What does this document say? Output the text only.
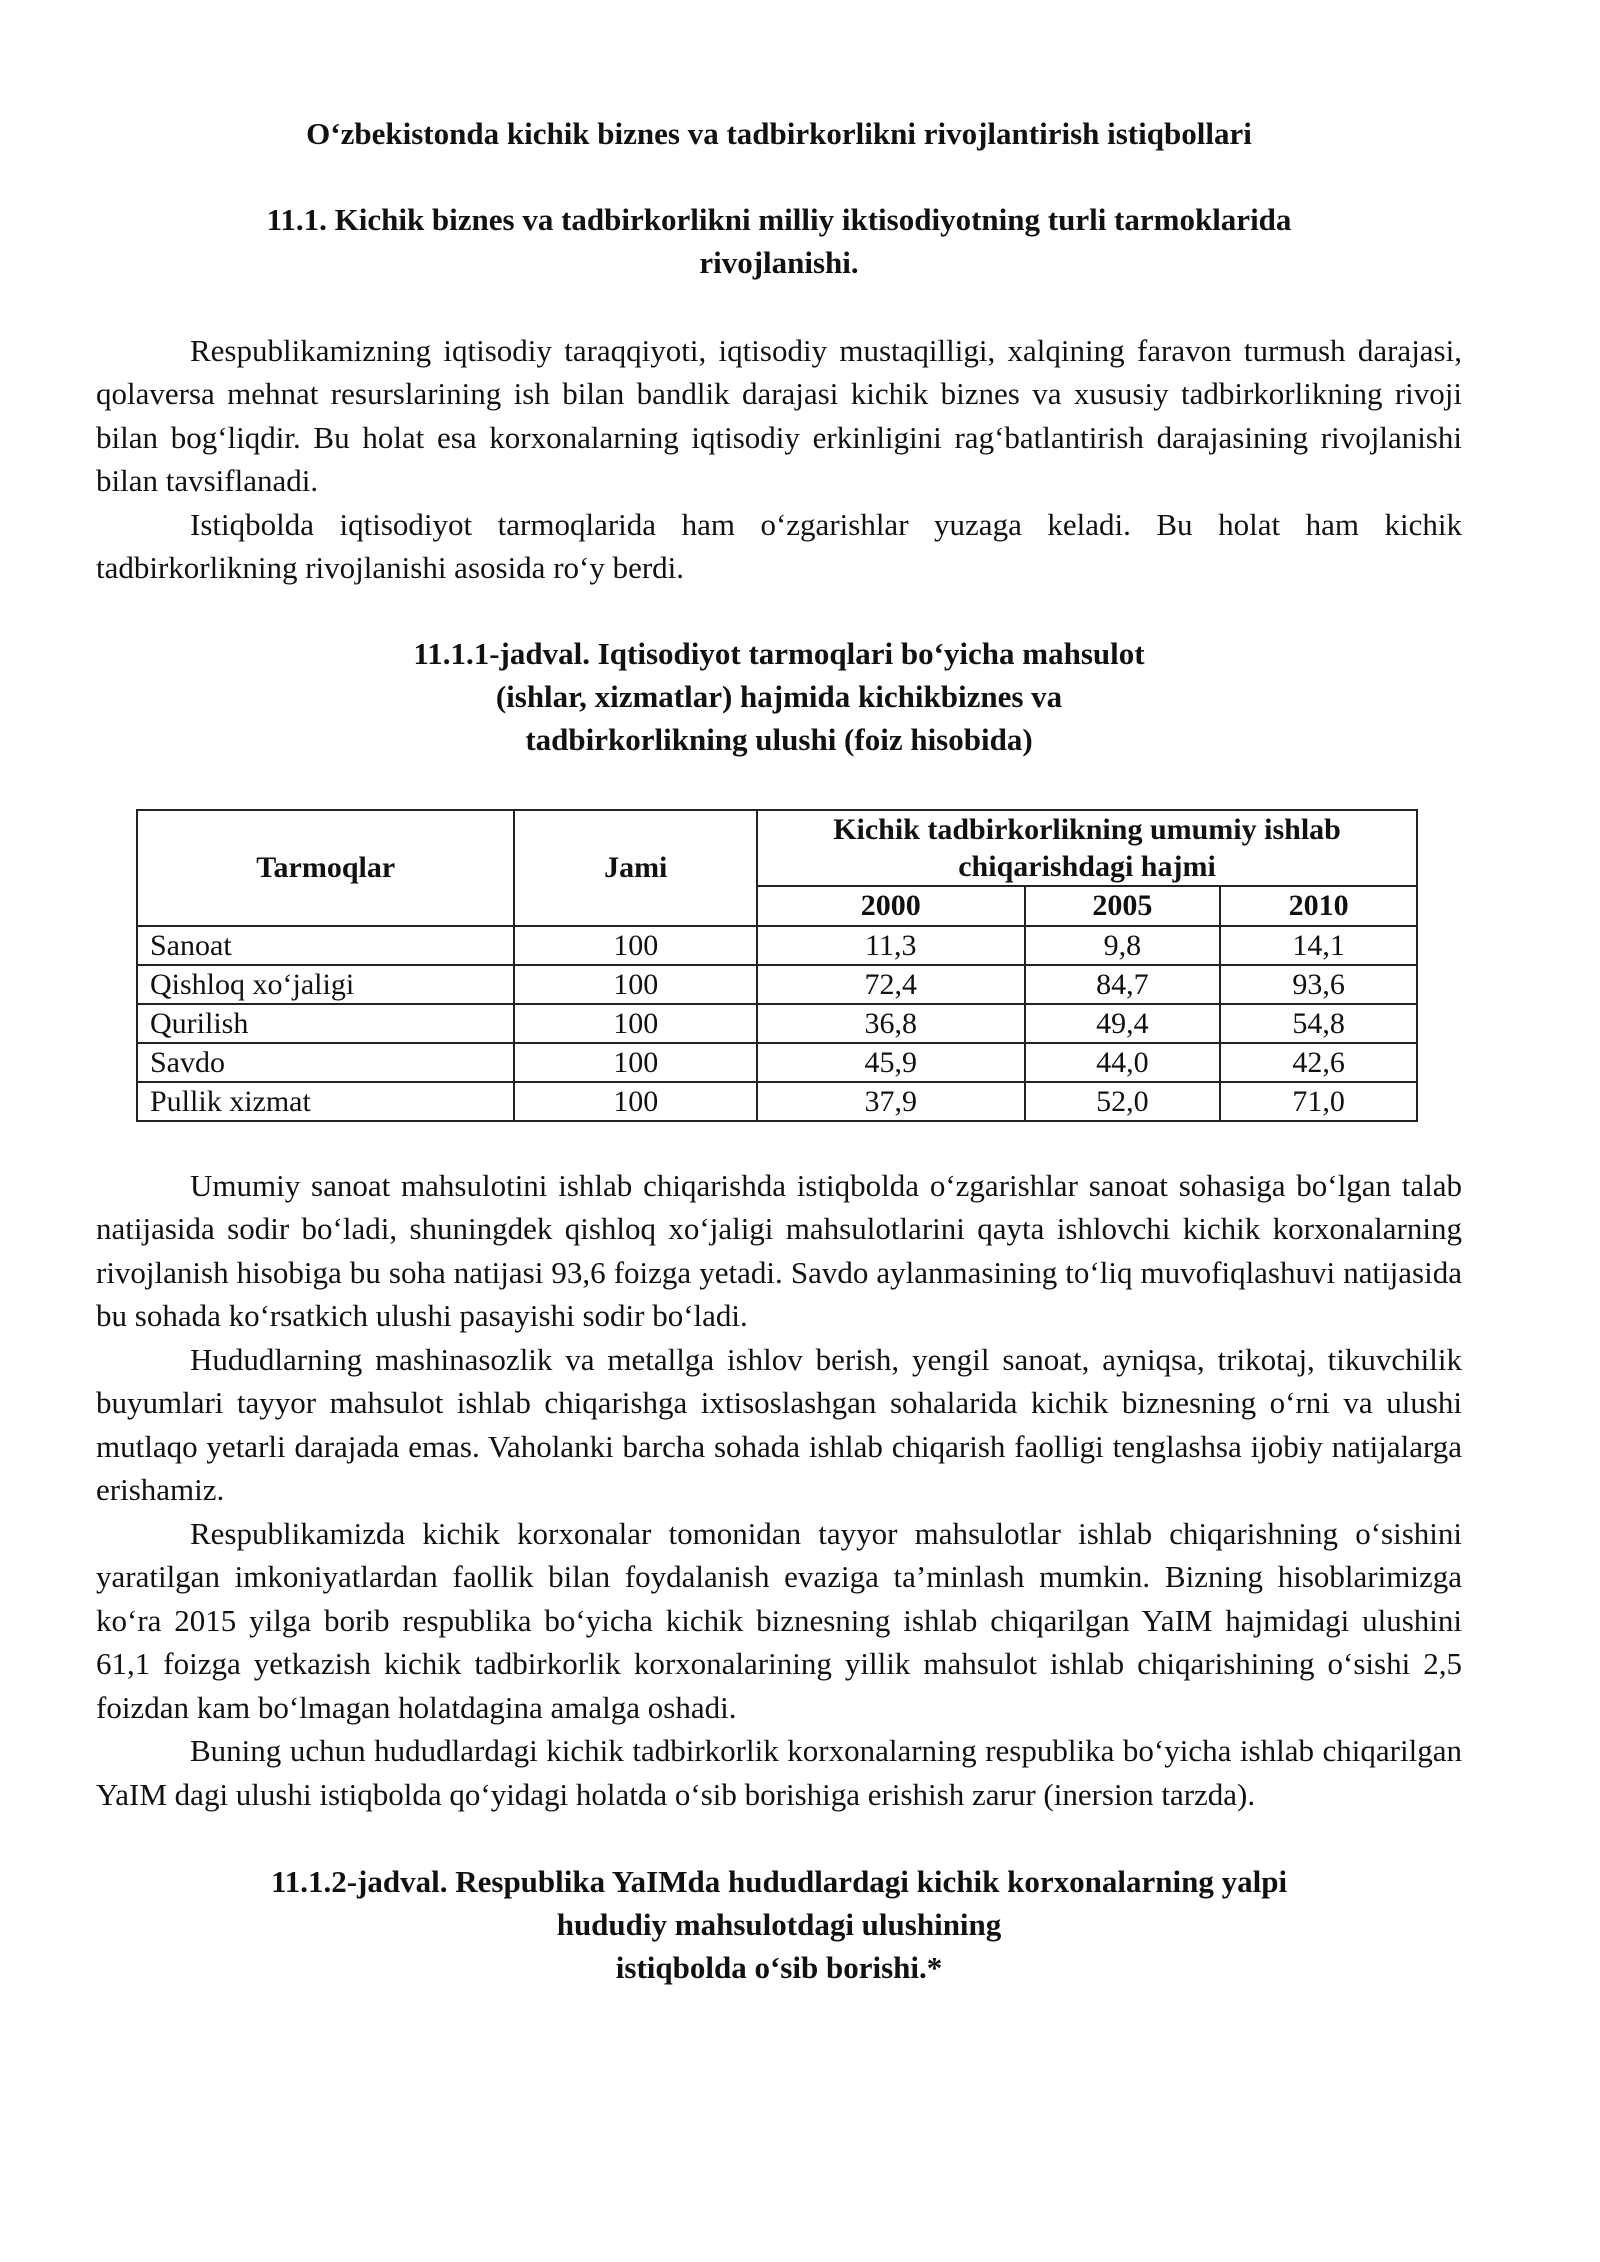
O‘zbekistonda kichik biznes va tadbirkorlikni rivojlantirish istiqbollari

11.1. Kichik biznes va tadbirkorlikni milliy iktisodiyotning turli tarmoklarida
rivojlanishi.

Respublikamizning iqtisodiy taraqqiyoti, iqtisodiy mustaqilligi, xalqining faravon turmush darajasi, qolaversa mehnat resurslarining ish bilan bandlik darajasi kichik biznes va xususiy tadbirkorlikning rivoji bilan bog‘liqdir. Bu holat esa korxonalarning iqtisodiy erkinligini rag‘batlantirish darajasining rivojlanishi bilan tavsiflanadi.

Istiqbolda iqtisodiyot tarmoqlarida ham o‘zgarishlar yuzaga keladi. Bu holat ham kichik tadbirkorlikning rivojlanishi asosida ro‘y berdi.

11.1.1-jadval. Iqtisodiyot tarmoqlari bo‘yicha mahsulot
(ishlar, xizmatlar) hajmida kichikbiznes va
tadbirkorlikning ulushi (foiz hisobida)
Tarmoqlar	Jami	Kichik tadbirkorlikning umumiy ishlab chiqarishdagi hajmi		
		2000	2005	2010
Sanoat	100	11,3	9,8	14,1
Qishloq xo‘jaligi	100	72,4	84,7	93,6
Qurilish	100	36,8	49,4	54,8
Savdo	100	45,9	44,0	42,6
Pullik xizmat	100	37,9	52,0	71,0

Umumiy sanoat mahsulotini ishlab chiqarishda istiqbolda o‘zgarishlar sanoat sohasiga bo‘lgan talab natijasida sodir bo‘ladi, shuningdek qishloq xo‘jaligi mahsulotlarini qayta ishlovchi kichik korxonalarning rivojlanish hisobiga bu soha natijasi 93,6 foizga yetadi. Savdo aylanmasining to‘liq muvofiqlashuvi natijasida bu sohada ko‘rsatkich ulushi pasayishi sodir bo‘ladi.

Hududlarning mashinasozlik va metallga ishlov berish, yengil sanoat, ayniqsa, trikotaj, tikuvchilik buyumlari tayyor mahsulot ishlab chiqarishga ixtisoslashgan sohalarida kichik biznesning o‘rni va ulushi mutlaqo yetarli darajada emas. Vaholanki barcha sohada ishlab chiqarish faolligi tenglashsa ijobiy natijalarga erishamiz.

Respublikamizda kichik korxonalar tomonidan tayyor mahsulotlar ishlab chiqarishning o‘sishini yaratilgan imkoniyatlardan faollik bilan foydalanish evaziga ta’minlash mumkin. Bizning hisoblarimizga ko‘ra 2015 yilga borib respublika bo‘yicha kichik biznesning ishlab chiqarilgan YaIM hajmidagi ulushini 61,1 foizga yetkazish kichik tadbirkorlik korxonalarining yillik mahsulot ishlab chiqarishining o‘sishi 2,5 foizdan kam bo‘lmagan holatdagina amalga oshadi.

Buning uchun hududlardagi kichik tadbirkorlik korxonalarning respublika bo‘yicha ishlab chiqarilgan YaIM dagi ulushi istiqbolda qo‘yidagi holatda o‘sib borishiga erishish zarur (inersion tarzda).

11.1.2-jadval. Respublika YaIMda hududlardagi kichik korxonalarning yalpi
hududiy mahsulotdagi ulushining
istiqbolda o‘sib borishi.*
